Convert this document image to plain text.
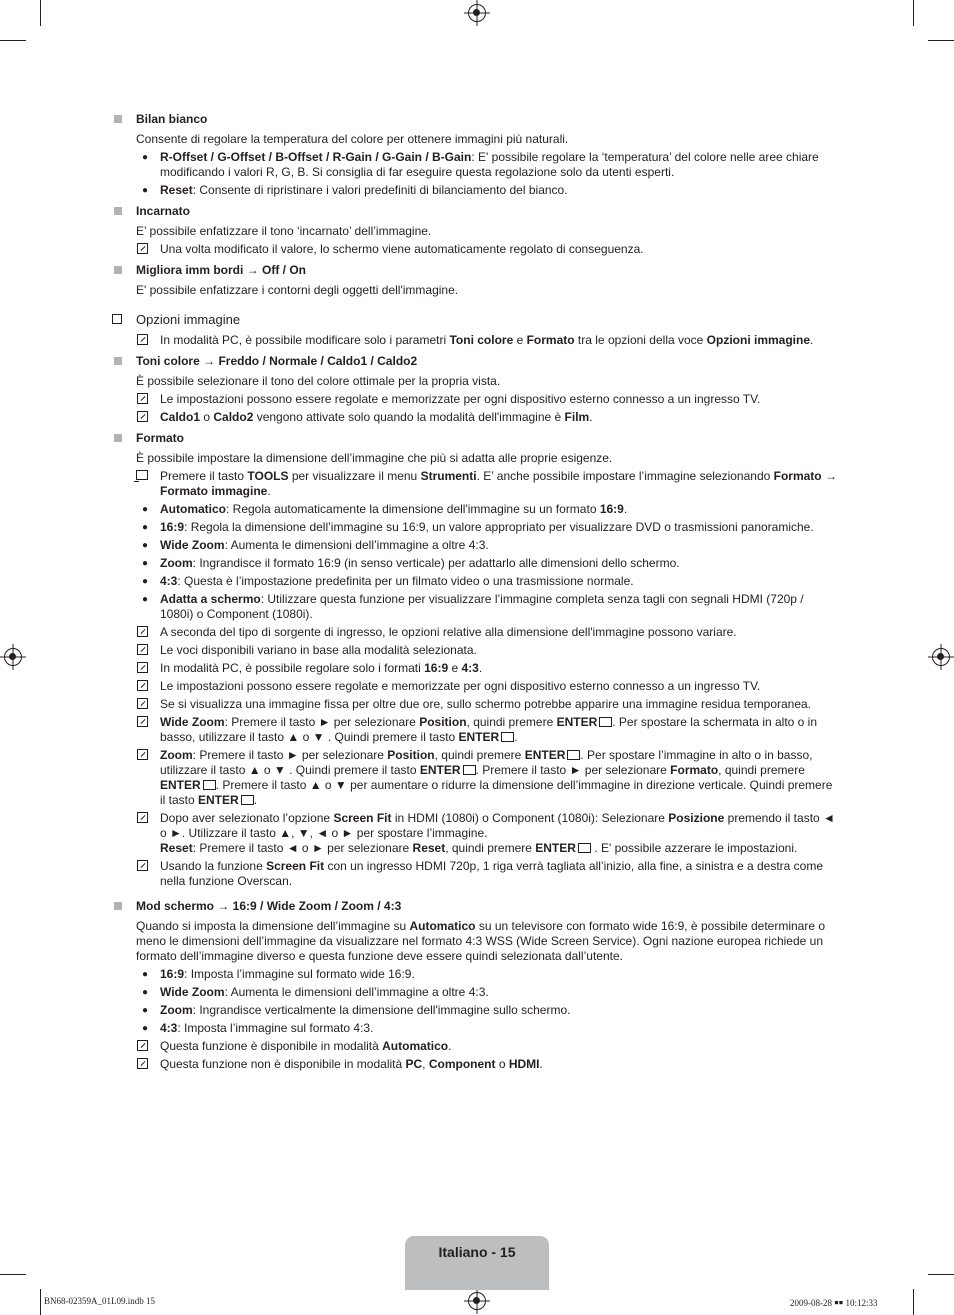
Bilan bianco
Consente di regolare la temperatura del colore per ottenere immagini più naturali.
● R-Offset / G-Offset / B-Offset / R-Gain / G-Gain / B-Gain: E' possibile regolare la ‘temperatura’ del colore nelle aree chiare modificando i valori R, G, B. Si consiglia di far eseguire questa regolazione solo da utenti esperti.
● Reset: Consente di ripristinare i valori predefiniti di bilanciamento del bianco.
Incarnato
E’ possibile enfatizzare il tono ‘incarnato’ dell’immagine.
Una volta modificato il valore, lo schermo viene automaticamente regolato di conseguenza.
Migliora imm bordi → Off / On
E' possibile enfatizzare i contorni degli oggetti dell'immagine.
Opzioni immagine
In modalità PC, è possibile modificare solo i parametri Toni colore e Formato tra le opzioni della voce Opzioni immagine.
Toni colore → Freddo / Normale / Caldo1 / Caldo2
È possibile selezionare il tono del colore ottimale per la propria vista.
Le impostazioni possono essere regolate e memorizzate per ogni dispositivo esterno connesso a un ingresso TV.
Caldo1 o Caldo2 vengono attivate solo quando la modalità dell'immagine è Film.
Formato
È possibile impostare la dimensione dell’immagine che più si adatta alle proprie esigenze.
Premere il tasto TOOLS per visualizzare il menu Strumenti. E’ anche possibile impostare l’immagine selezionando Formato → Formato immagine.
● Automatico: Regola automaticamente la dimensione dell'immagine su un formato 16:9.
● 16:9: Regola la dimensione dell’immagine su 16:9, un valore appropriato per visualizzare DVD o trasmissioni panoramiche.
● Wide Zoom: Aumenta le dimensioni dell’immagine a oltre 4:3.
● Zoom: Ingrandisce il formato 16:9 (in senso verticale) per adattarlo alle dimensioni dello schermo.
● 4:3: Questa è l’impostazione predefinita per un filmato video o una trasmissione normale.
● Adatta a schermo: Utilizzare questa funzione per visualizzare l’immagine completa senza tagli con segnali HDMI (720p / 1080i) o Component (1080i).
A seconda del tipo di sorgente di ingresso, le opzioni relative alla dimensione dell'immagine possono variare.
Le voci disponibili variano in base alla modalità selezionata.
In modalità PC, è possibile regolare solo i formati 16:9 e 4:3.
Le impostazioni possono essere regolate e memorizzate per ogni dispositivo esterno connesso a un ingresso TV.
Se si visualizza una immagine fissa per oltre due ore, sullo schermo potrebbe apparire una immagine residua temporanea.
Wide Zoom: Premere il tasto ► per selezionare Position, quindi premere ENTER . Per spostare la schermata in alto o in basso, utilizzare il tasto ▲ o ▼ . Quindi premere il tasto ENTER .
Zoom: Premere il tasto ► per selezionare Position, quindi premere ENTER . Per spostare l’immagine in alto o in basso, utilizzare il tasto ▲ o ▼ . Quindi premere il tasto ENTER . Premere il tasto ► per selezionare Formato, quindi premere ENTER . Premere il tasto ▲ o ▼ per aumentare o ridurre la dimensione dell’immagine in direzione verticale. Quindi premere il tasto ENTER .
Dopo aver selezionato l’opzione Screen Fit in HDMI (1080i) o Component (1080i): Selezionare Posizione premendo il tasto ◄ o ►. Utilizzare il tasto ▲, ▼, ◄ o ► per spostare l’immagine.
Reset: Premere il tasto ◄ o ► per selezionare Reset, quindi premere ENTER . E' possibile azzerare le impostazioni.
Usando la funzione Screen Fit con un ingresso HDMI 720p, 1 riga verrà tagliata all’inizio, alla fine, a sinistra e a destra come nella funzione Overscan.
Mod schermo → 16:9 / Wide Zoom / Zoom / 4:3
Quando si imposta la dimensione dell’immagine su Automatico su un televisore con formato wide 16:9, è possibile determinare o meno le dimensioni dell’immagine da visualizzare nel formato 4:3 WSS (Wide Screen Service). Ogni nazione europea richiede un formato dell’immagine diverso e questa funzione deve essere quindi selezionata dall’utente.
● 16:9: Imposta l’immagine sul formato wide 16:9.
● Wide Zoom: Aumenta le dimensioni dell’immagine a oltre 4:3.
● Zoom: Ingrandisce verticalmente la dimensione dell'immagine sullo schermo.
● 4:3: Imposta l’immagine sul formato 4:3.
Questa funzione è disponibile in modalità Automatico.
Questa funzione non è disponibile in modalità PC, Component o HDMI.
Italiano - 15
BN68-02359A_01L09.indb 15	2009-08-28 ￭￭ 10:12:33
